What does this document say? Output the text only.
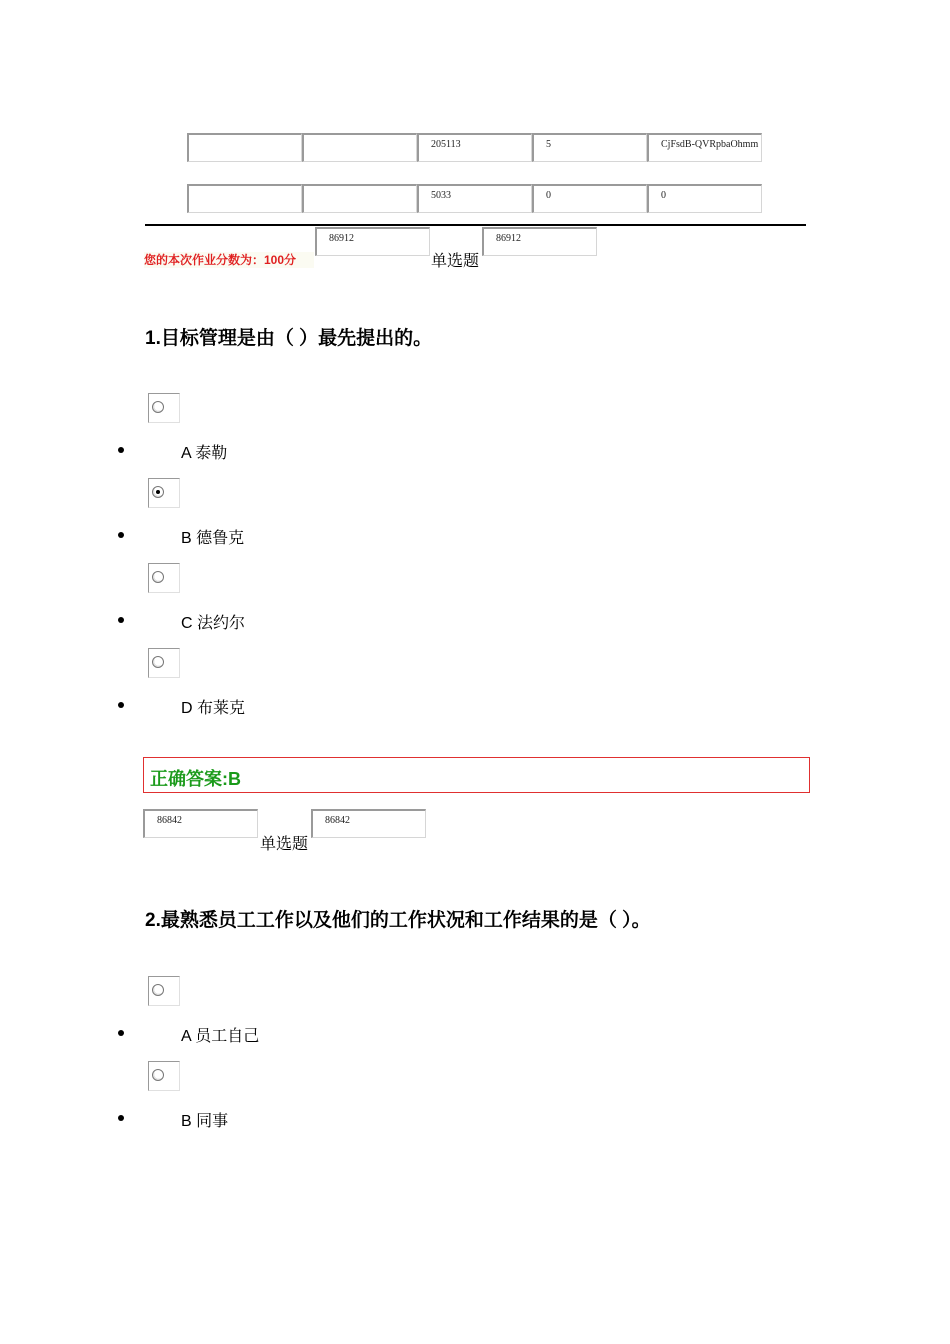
205113	5	CjFsdB-QVRpbaOhmm
5033	0	0
您的本次作业分数为：100分
86912
单选题
86912
1.目标管理是由（ ）最先提出的。
A 泰勒
B 德鲁克
C 法约尔
D 布莱克
正确答案:B
86842
单选题
86842
2.最熟悉员工工作以及他们的工作状况和工作结果的是（ ）。
A 员工自己
B 同事
